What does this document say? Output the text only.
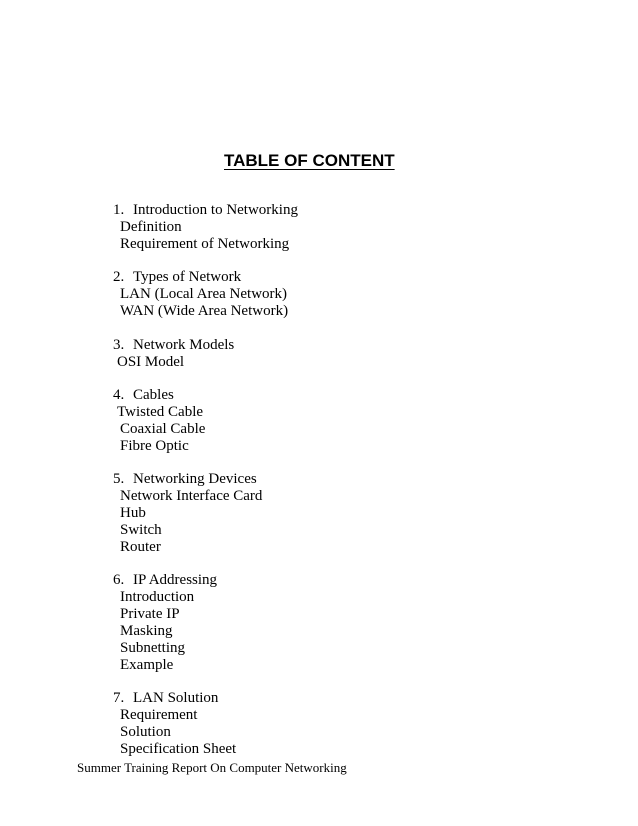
TABLE OF CONTENT
1. Introduction to Networking
Definition
Requirement of Networking
2. Types of Network
LAN (Local Area Network)
WAN (Wide Area Network)
3. Network Models
OSI Model
4. Cables
Twisted Cable
Coaxial Cable
Fibre Optic
5. Networking Devices
Network Interface Card
Hub
Switch
Router
6. IP Addressing
Introduction
Private IP
Masking
Subnetting
Example
7. LAN Solution
Requirement
Solution
Specification Sheet
Summer Training Report On Computer Networking
